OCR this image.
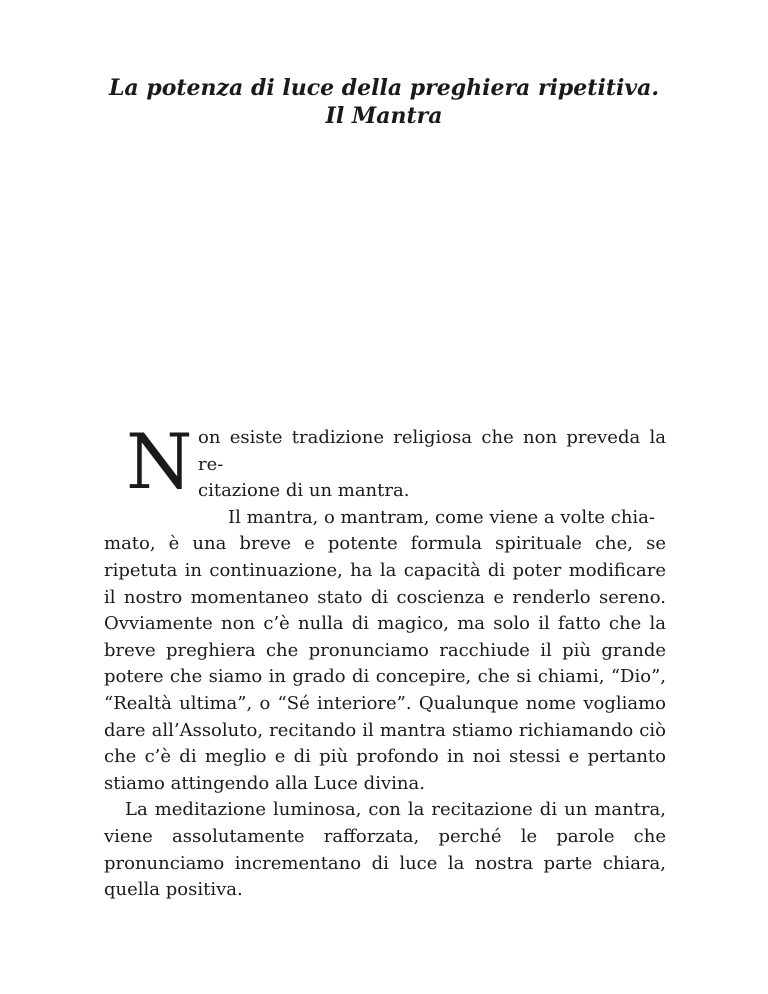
La potenza di luce della preghiera ripetitiva.
Il Mantra
N on esiste tradizione religiosa che non preveda la re-
citazione di un mantra.
Il mantra, o mantram, come viene a volte chia-

mato, è una breve e potente formula spirituale che, se ripetuta in continuazione, ha la capacità di poter modificare il nostro momentaneo stato di coscienza e renderlo sereno. Ovviamente non c’è nulla di magico, ma solo il fatto che la breve preghiera che pronunciamo racchiude il più grande potere che siamo in grado di concepire, che si chiami, “Dio”, “Realtà ultima”, o “Sé interiore”. Qualunque nome vogliamo dare all’Assoluto, recitando il mantra stiamo richiamando ciò che c’è di meglio e di più profondo in noi stessi e pertanto stiamo attingendo alla Luce divina.

La meditazione luminosa, con la recitazione di un mantra, viene assolutamente rafforzata, perché le parole che pronunciamo incrementano di luce la nostra parte chiara, quella positiva.
